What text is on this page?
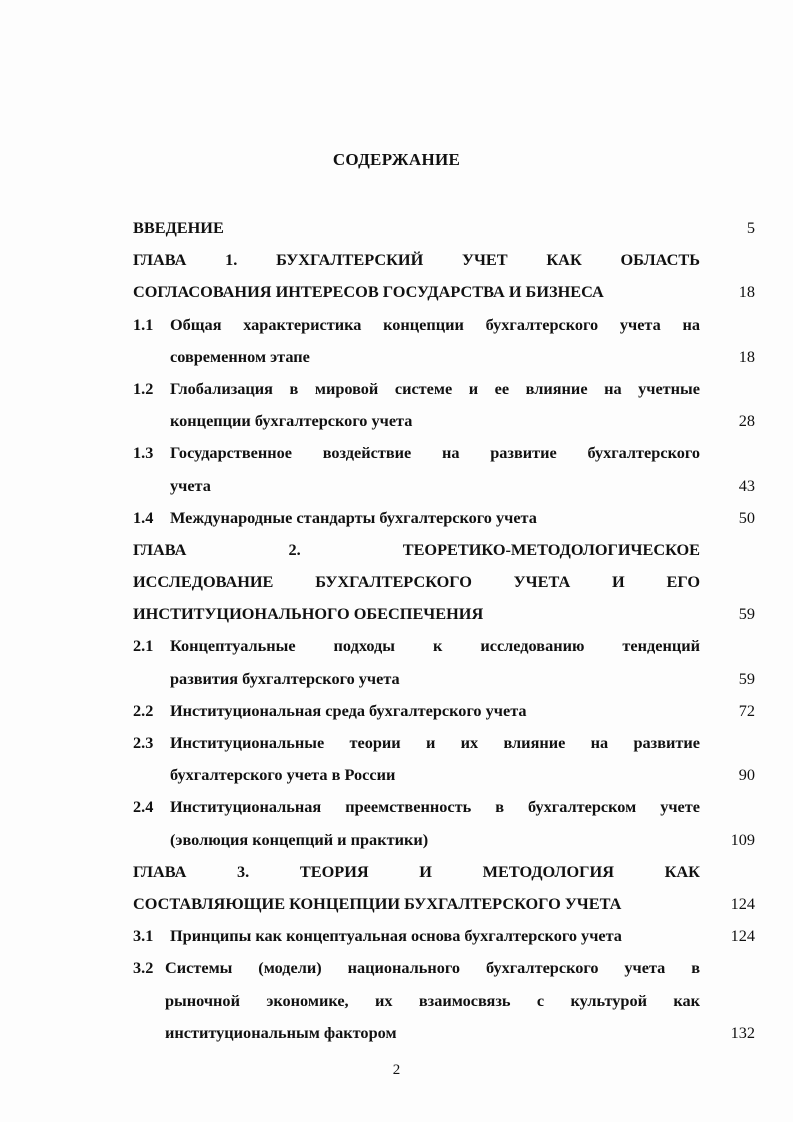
СОДЕРЖАНИЕ
ВВЕДЕНИЕ	5
ГЛАВА 1. БУХГАЛТЕРСКИЙ УЧЕТ КАК ОБЛАСТЬ
СОГЛАСОВАНИЯ ИНТЕРЕСОВ ГОСУДАРСТВА И БИЗНЕСА	18
1.1	Общая характеристика концепции бухгалтерского учета на
современном этапе	18
1.2	Глобализация в мировой системе и ее влияние на учетные
концепции бухгалтерского учета	28
1.3	Государственное воздействие на развитие бухгалтерского
учета	43
1.4	Международные стандарты бухгалтерского учета	50
ГЛАВА 2. ТЕОРЕТИКО-МЕТОДОЛОГИЧЕСКОЕ
ИССЛЕДОВАНИЕ БУХГАЛТЕРСКОГО УЧЕТА И ЕГО
ИНСТИТУЦИОНАЛЬНОГО ОБЕСПЕЧЕНИЯ	59
2.1	Концептуальные подходы к исследованию тенденций
развития бухгалтерского учета	59
2.2	Институциональная среда бухгалтерского учета	72
2.3	Институциональные теории и их влияние на развитие
бухгалтерского учета в России	90
2.4	Институциональная преемственность в бухгалтерском учете
(эволюция концепций и практики)	109
ГЛАВА 3. ТЕОРИЯ И МЕТОДОЛОГИЯ КАК
СОСТАВЛЯЮЩИЕ КОНЦЕПЦИИ БУХГАЛТЕРСКОГО УЧЕТА	124
3.1	Принципы как концептуальная основа бухгалтерского учета	124
3.2 Системы (модели) национального бухгалтерского учета в
рыночной экономике, их взаимосвязь с культурой как
институциональным фактором	132
2
